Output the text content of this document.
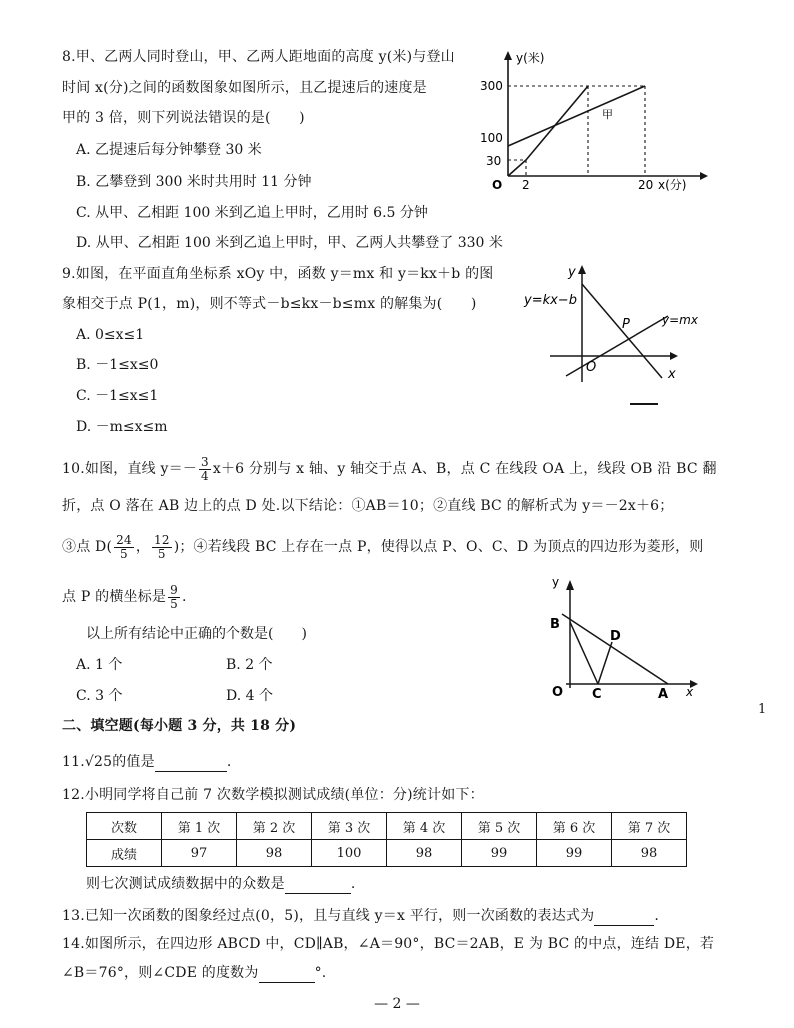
8.甲、乙两人同时登山，甲、乙两人距地面的高度 y(米)与登山
时间 x(分)之间的函数图象如图所示，且乙提速后的速度是
甲的 3 倍，则下列说法错误的是(　　)
A. 乙提速后每分钟攀登 30 米
B. 乙攀登到 300 米时共用时 11 分钟
C. 从甲、乙相距 100 米到乙追上甲时，乙用时 6.5 分钟
D. 从甲、乙相距 100 米到乙追上甲时，甲、乙两人共攀登了 330 米
y(米)
300
100
30
O 2	20 x(分)
甲
9.如图，在平面直角坐标系 xOy 中，函数 y＝mx 和 y＝kx＋b 的图
象相交于点 P(1，m)，则不等式－b≤kx－b≤mx 的解集为(　　)
A. 0≤x≤1
B. －1≤x≤0
C. －1≤x≤1
D. －m≤x≤m
y
x
O
P
y=kx−b
y=mx
10.如图，直线 $y=- \frac{3}{4} x+6$ 分别与 x 轴、y 轴交于点 A、B，点 C 在线段 OA 上，线段 OB 沿 BC 翻
折，点 O 落在 AB 边上的点 D 处.以下结论：①AB＝10；②直线 BC 的解析式为 y＝－2x＋6；
③点 $D( \frac{24}{5}$ ， $\frac{12}{5}$ )；④若线段 BC 上存在一点 P，使得以点 P、O、C、D 为顶点的四边形为菱形，则
点 P 的横坐标是 $\frac{9}{5}$ .
以上所有结论中正确的个数是(　　)
A. 1 个	B. 2 个
C. 3 个	D. 4 个
y
x
O
B
D
C	A
1
二、填空题(每小题 3 分，共 18 分)
11.√25的值是	.
12.小明同学将自己前 7 次数学模拟测试成绩(单位：分)统计如下：
次数	第 1 次	第 2 次	第 3 次	第 4 次	第 5 次	第 6 次	第 7 次
成绩	97	98	100	98	99	99	98
则七次测试成绩数据中的众数是	.
13.已知一次函数的图象经过点(0，5)，且与直线 y＝x 平行，则一次函数的表达式为	.
14.如图所示，在四边形 ABCD 中，CD∥AB，∠A＝90°，BC＝2AB，E 为 BC 的中点，连结 DE，若
∠B＝76°，则∠CDE 的度数为	°.
— 2 —
